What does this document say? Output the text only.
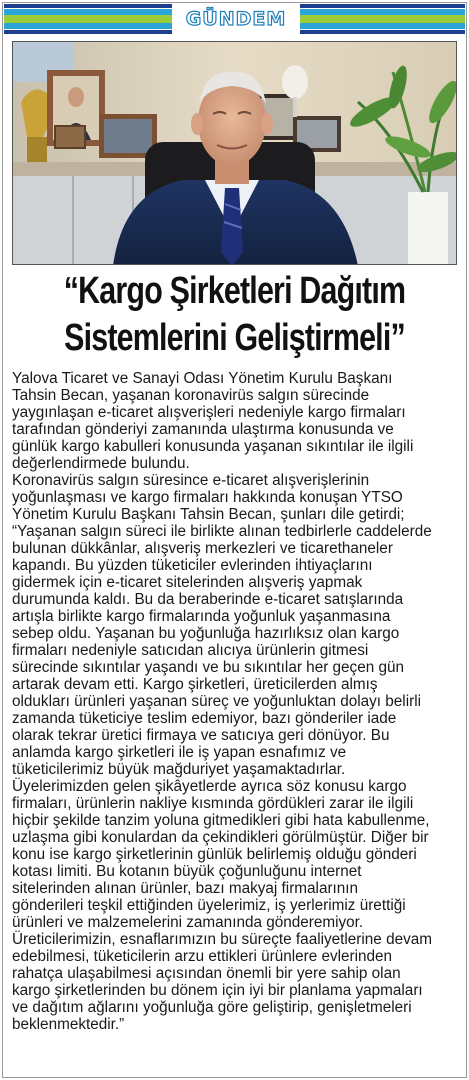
GÜNDEM
“Kargo Şirketleri Dağıtım
Sistemlerini Geliştirmeli”

Yalova Ticaret ve Sanayi Odası Yönetim Kurulu Başkanı

Tahsin Becan, yaşanan koronavirüs salgın sürecinde

yaygınlaşan e-ticaret alışverişleri nedeniyle kargo firmaları

tarafından gönderiyi zamanında ulaştırma konusunda ve

günlük kargo kabulleri konusunda yaşanan sıkıntılar ile ilgili

değerlendirmede bulundu.

Koronavirüs salgın süresince e-ticaret alışverişlerinin

yoğunlaşması ve kargo firmaları hakkında konuşan YTSO

Yönetim Kurulu Başkanı Tahsin Becan, şunları dile getirdi;

“Yaşanan salgın süreci ile birlikte alınan tedbirlerle caddelerde

bulunan dükkânlar, alışveriş merkezleri ve ticarethaneler

kapandı. Bu yüzden tüketiciler evlerinden ihtiyaçlarını

gidermek için e-ticaret sitelerinden alışveriş yapmak

durumunda kaldı. Bu da beraberinde e-ticaret satışlarında

artışla birlikte kargo firmalarında yoğunluk yaşanmasına

sebep oldu. Yaşanan bu yoğunluğa hazırlıksız olan kargo

firmaları nedeniyle satıcıdan alıcıya ürünlerin gitmesi

sürecinde sıkıntılar yaşandı ve bu sıkıntılar her geçen gün

artarak devam etti. Kargo şirketleri, üreticilerden almış

oldukları ürünleri yaşanan süreç ve yoğunluktan dolayı belirli

zamanda tüketiciye teslim edemiyor, bazı gönderiler iade

olarak tekrar üretici firmaya ve satıcıya geri dönüyor. Bu

anlamda kargo şirketleri ile iş yapan esnafımız ve

tüketicilerimiz büyük mağduriyet yaşamaktadırlar.

Üyelerimizden gelen şikâyetlerde ayrıca söz konusu kargo

firmaları, ürünlerin nakliye kısmında gördükleri zarar ile ilgili

hiçbir şekilde tanzim yoluna gitmedikleri gibi hata kabullenme,

uzlaşma gibi konulardan da çekindikleri görülmüştür. Diğer bir

konu ise kargo şirketlerinin günlük belirlemiş olduğu gönderi

kotası limiti. Bu kotanın büyük çoğunluğunu internet

sitelerinden alınan ürünler, bazı makyaj firmalarının

gönderileri teşkil ettiğinden üyelerimiz, iş yerlerimiz ürettiği

ürünleri ve malzemelerini zamanında gönderemiyor.

Üreticilerimizin, esnaflarımızın bu süreçte faaliyetlerine devam

edebilmesi, tüketicilerin arzu ettikleri ürünlere evlerinden

rahatça ulaşabilmesi açısından önemli bir yere sahip olan

kargo şirketlerinden bu dönem için iyi bir planlama yapmaları

ve dağıtım ağlarını yoğunluğa göre geliştirip, genişletmeleri

beklenmektedir.”
